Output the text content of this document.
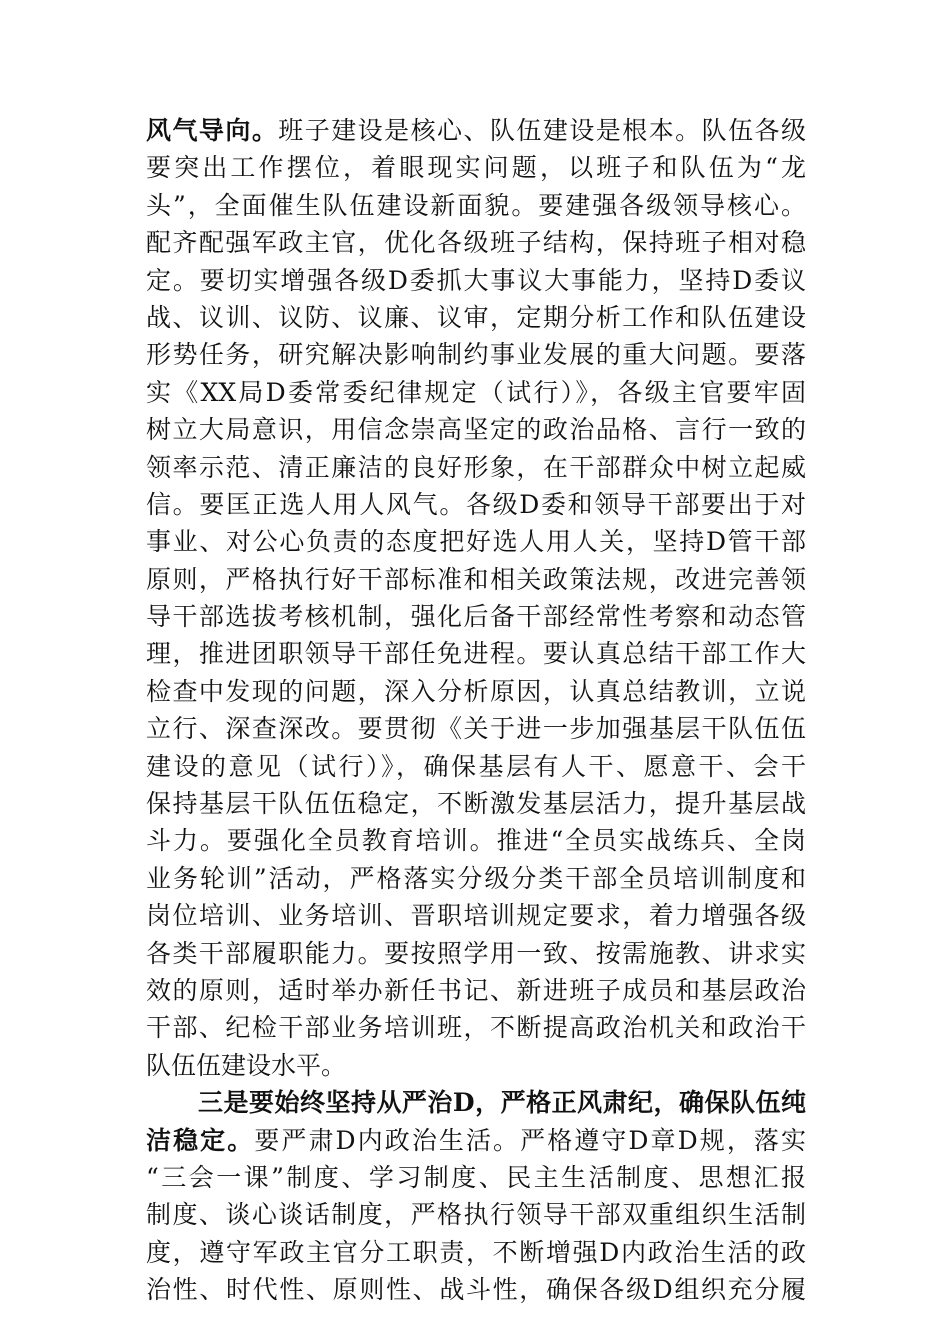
风气导向。班子建设是核心、队伍建设是根本。队伍各级
要突出工作摆位，着眼现实问题，以班子和队伍为“龙
头”，全面催生队伍建设新面貌。要建强各级领导核心。
配齐配强军政主官，优化各级班子结构，保持班子相对稳
定。要切实增强各级D委抓大事议大事能力，坚持D委议
战、议训、议防、议廉、议审，定期分析工作和队伍建设
形势任务，研究解决影响制约事业发展的重大问题。要落
实《XX局D委常委纪律规定（试行）》，各级主官要牢固
树立大局意识，用信念崇高坚定的政治品格、言行一致的
领率示范、清正廉洁的良好形象，在干部群众中树立起威
信。要匡正选人用人风气。各级D委和领导干部要出于对
事业、对公心负责的态度把好选人用人关，坚持D管干部
原则，严格执行好干部标准和相关政策法规，改进完善领
导干部选拔考核机制，强化后备干部经常性考察和动态管
理，推进团职领导干部任免进程。要认真总结干部工作大
检查中发现的问题，深入分析原因，认真总结教训，立说
立行、深查深改。要贯彻《关于进一步加强基层干队伍伍
建设的意见（试行）》，确保基层有人干、愿意干、会干
保持基层干队伍伍稳定，不断激发基层活力，提升基层战
斗力。要强化全员教育培训。推进“全员实战练兵、全岗
业务轮训”活动，严格落实分级分类干部全员培训制度和
岗位培训、业务培训、晋职培训规定要求，着力增强各级
各类干部履职能力。要按照学用一致、按需施教、讲求实
效的原则，适时举办新任书记、新进班子成员和基层政治
干部、纪检干部业务培训班，不断提高政治机关和政治干
队伍伍建设水平。
三是要始终坚持从严治D，严格正风肃纪，确保队伍纯
洁稳定。要严肃D内政治生活。严格遵守D章D规，落实
“三会一课”制度、学习制度、民主生活制度、思想汇报
制度、谈心谈话制度，严格执行领导干部双重组织生活制
度，遵守军政主官分工职责，不断增强D内政治生活的政
治性、时代性、原则性、战斗性，确保各级D组织充分履
